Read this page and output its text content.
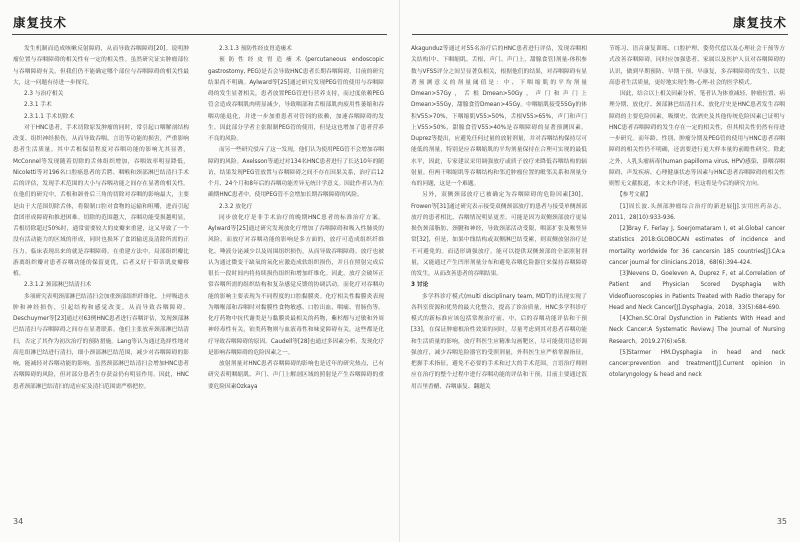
康复技术

发生机制而造成咳嗽反射障碍，从而导致吞咽障碍[20]。说明肿瘤位置与吞咽障碍的相关性有一定的相关性。虽然研究证实肿瘤部位与吞咽障碍有关，但我们仍不能确定哪个部位与吞咽障碍的相关性最大，这一问题有待进一步探究。

2.3 与治疗相关

2.3.1 手术

2.3.1.1 手术切除术

对于HNC患者，手术切除原发肿瘤的同时，常引起口咽解剖结构改变、组织神经损伤，从而导致吞咽、言语等功能的损害，严重影响患者生活质量。其中舌根保留程度对吞咽功能的影响尤其显著，McConnel等发现随着切除的舌体组织增加，吞咽效率明显降低，Nicoletti等对196名口腔癌患者的舌腭、咽喉和颈部淋巴结清扫手术后的评估，发现手术范围的大小与吞咽功能之间存在显著的相关性。在他们的研究中，舌根和颌骨后三角的切除对吞咽的影响最大，主要是由于大范围切除舌体，将限制口腔对食物的运输和咀嚼，进而引起食团形成障碍和推进困难。切除的范围越大，吞咽功能受损越明显，舌根切除超过50%时，通常需要较大的皮瓣来重建，这又导致了一个没有活动能力的区域的形成，同时也损坏了食团输送及清除所需的正压力。临床表现出来的就是吞咽障碍。在重建方法中，局部组织瓣比游离组织瓣对患者吞咽功能的保留更优，后者又好于带蒂肌皮瓣移植。

2.3.1.2 颈部淋巴结清扫术

多项研究表明颈部淋巴结清扫会加重颈部组织纤维化、上呼吸道水肿和神经损伤，引起结构和感觉改变，从而导致吞咽障碍。Deschuymer等[23]通过对63例HNC患者进行吞咽评估，发现颈部淋巴结清扫与吞咽障碍之间存在显著联系。他们主张放弃颈部淋巴结清扫，否定了其作为初次治疗的预防措施。Lang等认为通过选择性地对高危组淋巴结进行清扫，细小颈部淋巴结范围，减少对吞咽障碍的影响，能减轻对吞咽功能的影响。虽然颈部淋巴结清扫会增加HNC患者吞咽障碍的风险，但对部分患者生存获益仍有明显作用。因此，HNC患者颈部淋巴结清扫的适应症及清扫范围需严格把控。

2.3.1.3 预防性经皮胃造瘘术

预防性经皮胃造瘘术(percutaneous endoscopic gastrostomy, PEG)是否会导致HNC患者长期吞咽障碍，目前的研究结果尚不明确。Aylward等[25]通过研究发现PEG管的使用与吞咽障碍的发生显著相关，患者放置PEG管进行营养支持，而过度依赖PEG管会造成吞咽肌肉明显减少，导致咽部和舌根部肌肉废用性萎缩和吞咽功能退化，并进一步加重患者对管饲的依赖，加速吞咽障碍的发生。因此部分学者主张限制PEG管的使用，但是这也增加了患者营养不良的风险。

而另一些研究驳斥了这一发现，他们认为使用PEG管不会增加吞咽障碍的风险。Axelsson等通过对134名HNC患者进行了长达10年的随访，结果发现PEG管放置与吞咽障碍之间不存在因果关系，治疗后12个月、24个月和8年后的吞咽功能差异无统计学意义。因此作者认为在确期HNC患者中，使用PEG管不会增加长期吞咽障碍的风险。

2.3.2 放化疗

同步放化疗是非手术治疗的晚期HNC患者的标准治疗方案。Aylward等[25]通过研究发现放化疗增加了吞咽障碍和吸入性肺炎的风险。而放疗对吞咽功能的影响是多方面的，放疗可造成组织纤维化、唾液分泌减少以及周围组织损伤，从而导致吞咽障碍。放疗也被认为通过微变干缺氧的氧化应激造成软组织损伤，并且在照射完成后很长一段时间内将持续损伤组织和增加纤维化。因此，放疗会破坏正常吞咽所需的组织结构和复杂感觉反馈的协调活动。而化疗对吞咽功能的影响主要表现为不同程度的口腔黏膜炎。化疗相关性黏膜炎表现为咽喉部和吞咽时对黏膜性食物敏感、口腔出血、咽痛、胃肠伤等。化疗药物中抗代谢类是与黏膜炎最相关的药物，紫杉醇与过敏和外周神经毒性有关，铂类药物则与血液毒性和味觉障碍有关，这些都是化疗导致吞咽障碍的原因。Caudell等[28]也通过多因素分析，发现化疗是影响吞咽障碍的危险因素之一。

放射剂量对HNC患者吞咽障碍的影响也是近年的研究热点，已有研究表明咽缩肌、声门、声门上解剖区域的照射是产生吞咽障碍的重要危险因素Ozkaya

34
康复技术

Akagunduz等通过对55名治疗后的HNC患者进行评估，发现吞咽相关结构(中、下咽缩肌、舌根、声门、声门上，甜腺食管)剂量-体积参数与VFSS评分之间呈显著负相关，根据他们的结果，对吞咽障碍有显著预测意义的剂量阈值是：中、下咽缩肌的平均剂量Dmean>57Gy，舌根Dmean>50Gy，声门和声门上Dmean>55Gy，甜腺食管Dmean>45Gy。中咽缩肌接受55Gy的体积V55>70%，下咽缩肌V55>50%，舌根V55>65%，声门和声门上V55>50%，甜腺食管V55>40%是吞咽障碍的显著预测因素。Duprez等提出，应避免任何过量的放射剂量，并对吞咽结构保持尽可能低的剂量，特别是应吞咽缩肌的平均剂量保持在合理可实现的最低水平，因此，专家建议采用调强放疗或质子放疗来降低吞咽结构的辐射量。但两干咽缩肌等吞咽结构和邻近肿瘤位置的毗邻关系和剂量分布的问题，这是一个难题。

另外，双侧颈部放疗已被确定为吞咽障碍的危险因素[30]，Frowen等[31]通过研究表示接受双侧颈部放疗的患者与接受单侧颈部放疗的患者相比，吞咽情况明显更差。可能是因为双侧颈部放疗更易损伤颈部脂肪、颈腱和神经，导致颈部活动受限，咽部扩张及喉竖异常[32]，但是，如果中线结构或双侧淋巴结受累，则双侧放射治疗是不可避免的。而适形调强放疗，能可以提供双侧颈部的全部照射剂量，又能通过产生凹形剂量分布和避免吞咽危险器官来保持吞咽障碍的发生，从而改善患者的吞咽结果。

3 讨论

多学科诊疗模式(multi disciplinary team, MDT)的出现实现了各科室资源和优势的最大化整合，提高了诊治质量，HNC多学科诊疗模式的新标准应该包括常规治疗前、中、后的吞咽功能评估和干预[33]，在保证肿瘤根治性效果的同时，尽量考虑到其对患者吞咽功能和生活质量的影响，放疗科医生应精准勾画靶区，尽可能使用适形调强放疗，减少吞咽危险器官的受照剂量，外科医生应严格掌握指征，把握手术指征，避免不必要的手术和过大的手术范围，言语治疗师则应在治疗的整个过程中进行吞咽功能的评估和干预，目前主要通过饭用百里香醋、吞咽康复、翻题关

节练习、语音康复训练、口腔护理、姿势代偿以及心理社会干预等方式改善吞咽障碍。同时应加强患者、家属以及医护人员对吞咽障碍的认识，做到早期预防、早期干预、早康复，多吞咽障碍的发生，以提高患者生活质量，更好地实现生物-心理-社会的医学模式。

因此，结合以上相关因素分析，笔者认为体重减轻、肿瘤位置、病理分期、放化疗、颈部淋巴结清扫术、放化疗史是HNC患者发生吞咽障碍的主要危险因素，吸烟史、饮酒史及其他传统危险因素已证明与HNC患者吞咽障碍的发生存在一定的相关性，但其相关性仍然有待进一步研究。而年龄、性别、肿瘤分期及PEG管的使用与HNC患者吞咽障碍的相关性仍不明确，还需要进行更大样本量的前瞻性研究。除此之外，人乳头瘤病毒(human papilloma virus, HPV)感染、鼻咽吞咽障碍、声发疾病、心理健康状态等因素与HNC患者吞咽障碍的相关性则暂无文献报道，本文未作详述，但这将是今后的研究方向。

【参考文献】

[1]周长波.头颈部肿瘤综合治疗的新进展[J].实用医药杂志，2011，28(10):933-936.

[2]Bray F, Ferlay J, Soerjomataram I, et al.Global cancer statistics 2018:GLOBOCAN estimates of incidence and mortality worldwide for 36 cancersin 185 countries[J].CA:a cancer journal for clinicians.2018，68(6):394-424.

[3]Nevens D, Goeleven A, Duprez F, et al.Correlation of Patient and Physician Scored Dysphagia with Videofluoroscopies in Patients Treated with Radio therapy for Head and Neck Cancer[J].Dysphagia，2018，33(5):684-690.

[4]Chen.SC.Oral Dysfunction in Patients With Head and Neck Cancer:A Systematic Review.J The Journal of Nursing Research，2019.27(6):e58.

[5]Starmer HM.Dysphagia in head and neck cancer:prevention and treatment[J].Current opinion in otolaryngology & head and neck

35
